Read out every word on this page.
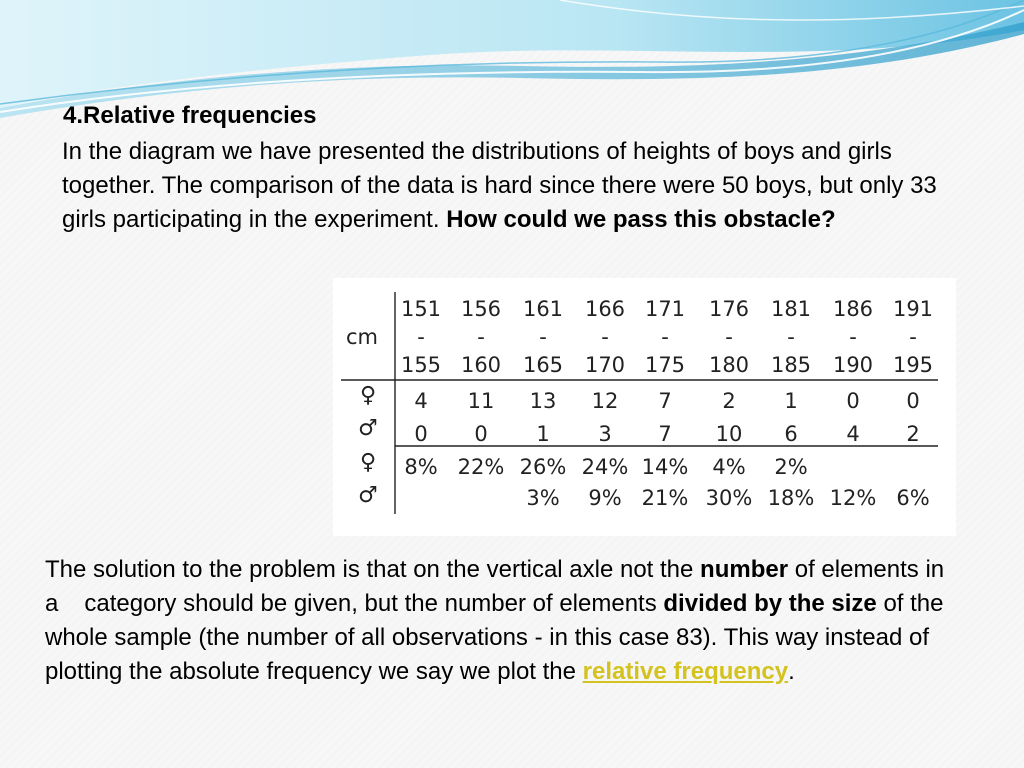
4.Relative frequencies
In the diagram we have presented the distributions of heights of boys and girls together. The comparison of the data is hard since there were 50 boys, but only 33 girls participating in the experiment. How could we pass this obstacle?
cm
♀
♂
♀
♂
151
-
155
4
0
8%
156
-
160
11
0
22%
161
-
165
13
1
26%
3%
166
-
170
12
3
24%
9%
171
-
175
7
7
14%
21%
176
-
180
2
10
4%
30%
181
-
185
1
6
2%
18%
186
-
190
0
4
12%
191
-
195
0
2
6%
The solution to the problem is that on the vertical axle not the number of elements in a category should be given, but the number of elements divided by the size of the whole sample (the number of all observations - in this case 83). This way instead of plotting the absolute frequency we say we plot the relative frequency.
